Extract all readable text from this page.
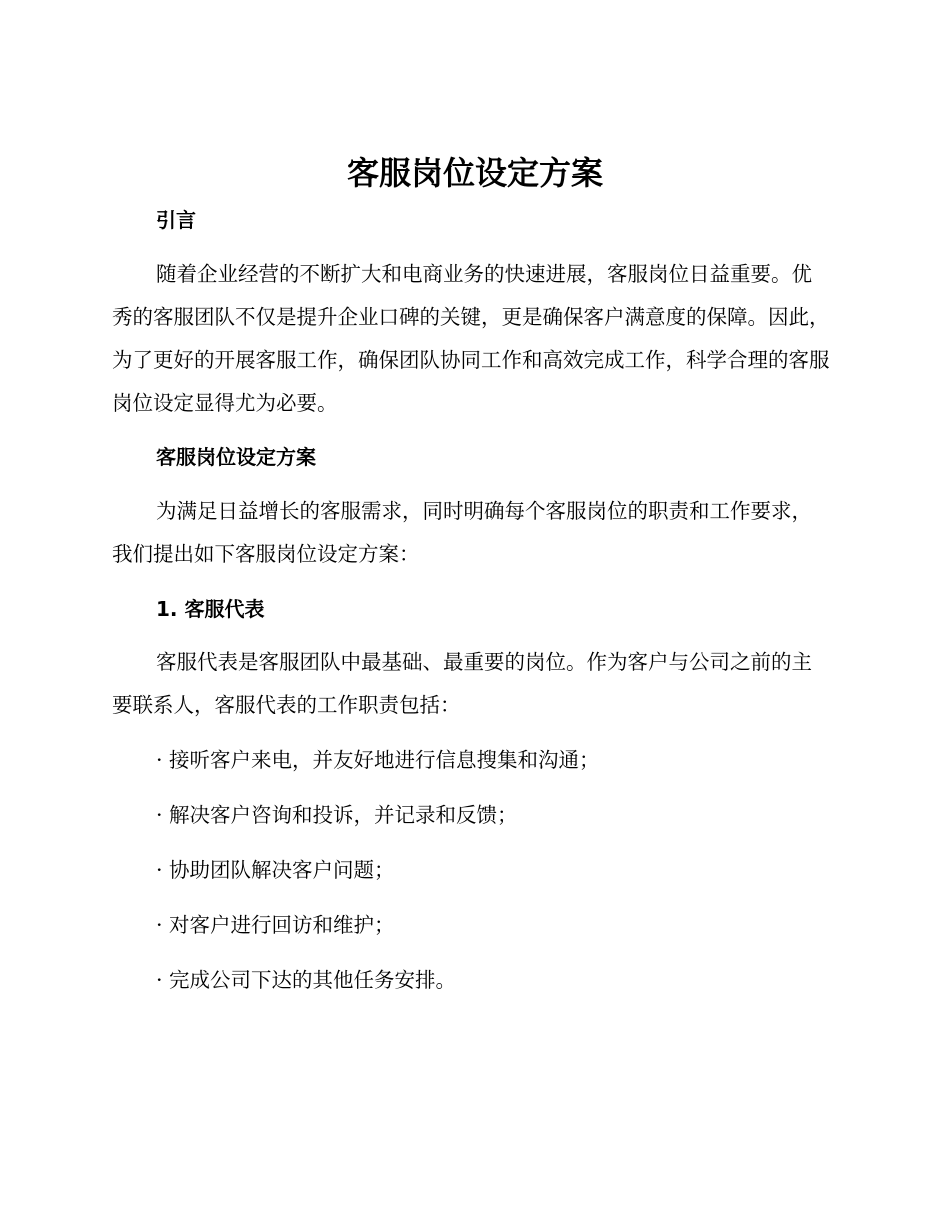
客服岗位设定方案
引言

随着企业经营的不断扩大和电商业务的快速进展，客服岗位日益重要。优秀的客服团队不仅是提升企业口碑的关键，更是确保客户满意度的保障。因此，为了更好的开展客服工作，确保团队协同工作和高效完成工作，科学合理的客服岗位设定显得尤为必要。

客服岗位设定方案

为满足日益增长的客服需求，同时明确每个客服岗位的职责和工作要求，我们提出如下客服岗位设定方案：

1. 客服代表

客服代表是客服团队中最基础、最重要的岗位。作为客户与公司之前的主要联系人，客服代表的工作职责包括：

· 接听客户来电，并友好地进行信息搜集和沟通；

· 解决客户咨询和投诉，并记录和反馈；

· 协助团队解决客户问题；

· 对客户进行回访和维护；

· 完成公司下达的其他任务安排。
